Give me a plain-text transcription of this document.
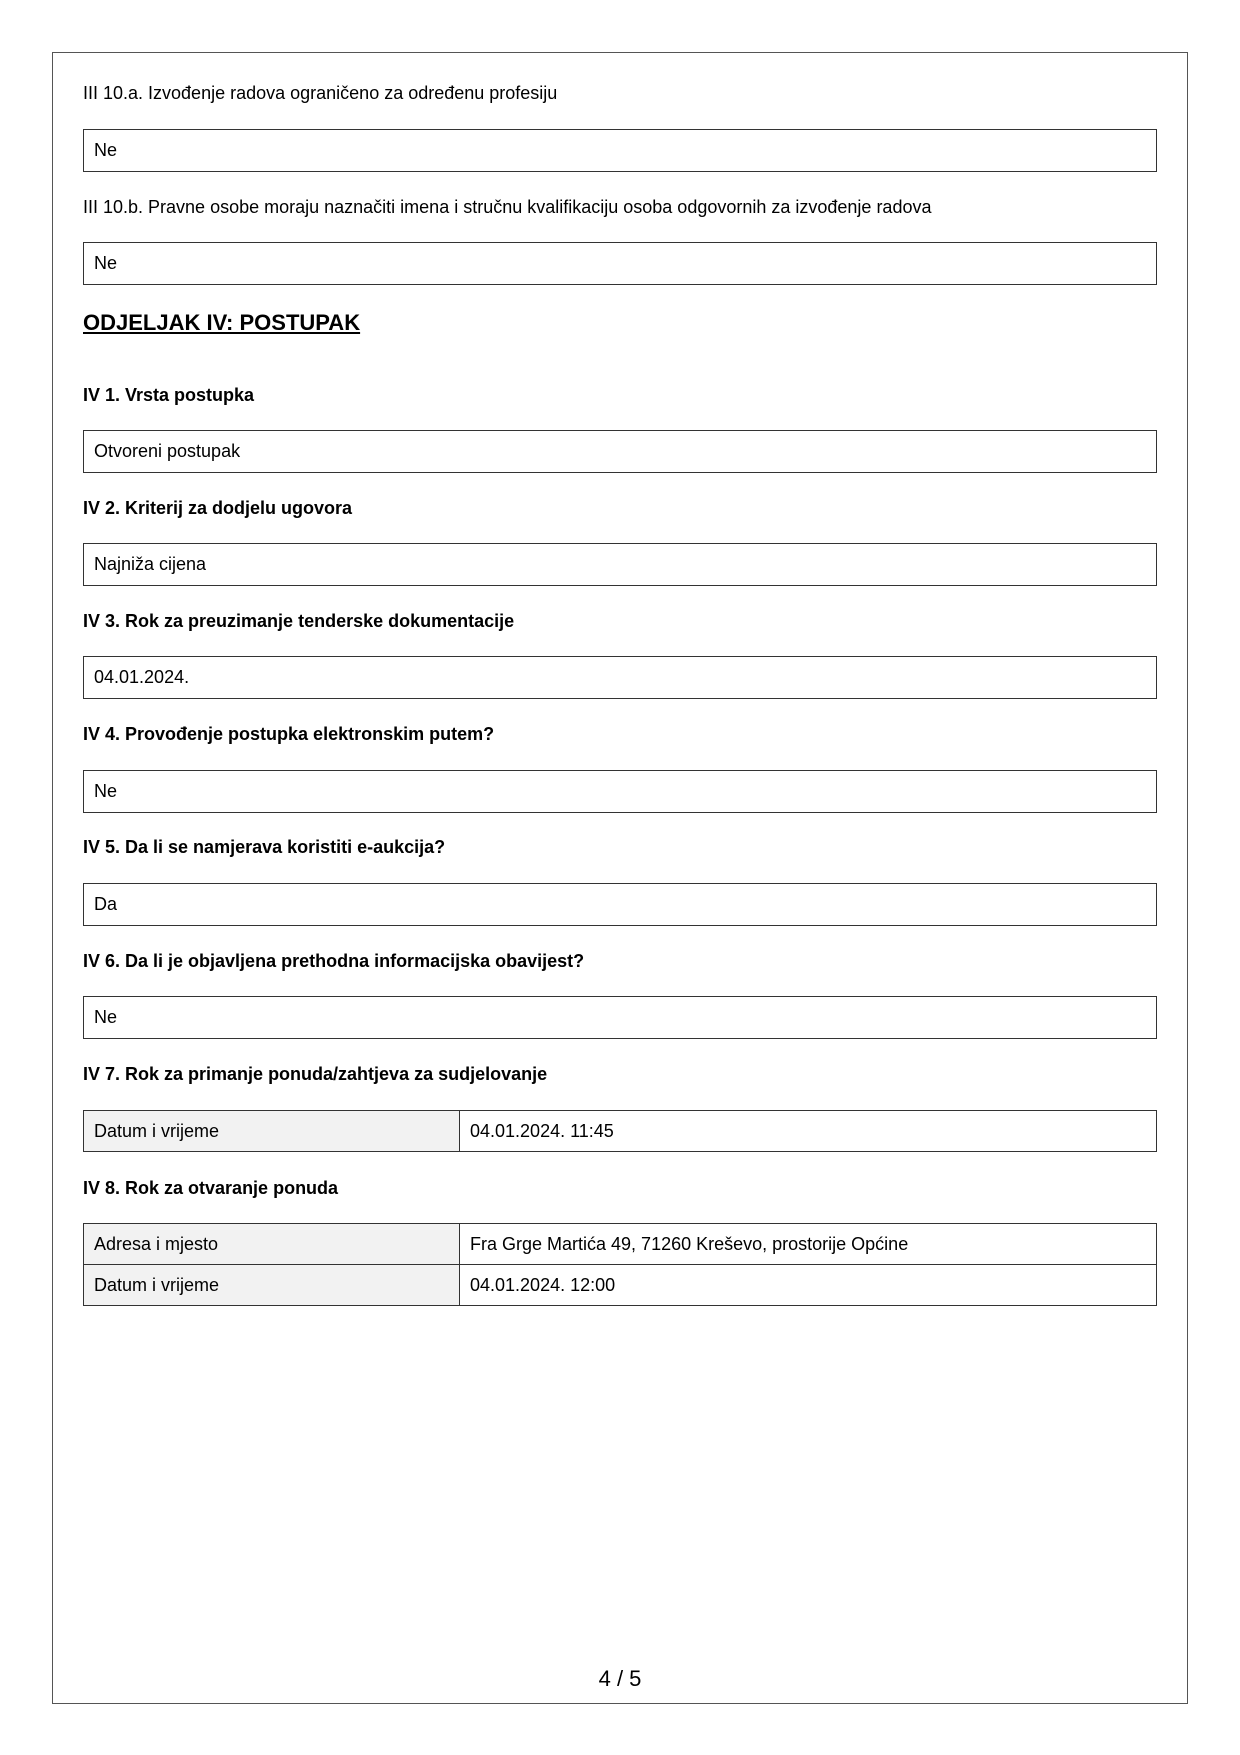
III 10.a. Izvođenje radova ograničeno za određenu profesiju
Ne
III 10.b. Pravne osobe moraju naznačiti imena i stručnu kvalifikaciju osoba odgovornih za izvođenje radova
Ne
ODJELJAK IV: POSTUPAK
IV 1. Vrsta postupka
Otvoreni postupak
IV 2. Kriterij za dodjelu ugovora
Najniža cijena
IV 3. Rok za preuzimanje tenderske dokumentacije
04.01.2024.
IV 4. Provođenje postupka elektronskim putem?
Ne
IV 5. Da li se namjerava koristiti e-aukcija?
Da
IV 6. Da li je objavljena prethodna informacijska obavijest?
Ne
IV 7. Rok za primanje ponuda/zahtjeva za sudjelovanje
Datum i vrijeme	04.01.2024. 11:45
IV 8. Rok za otvaranje ponuda
Adresa i mjesto	Fra Grge Martića 49, 71260 Kreševo, prostorije Općine
Datum i vrijeme	04.01.2024. 12:00
4 / 5
